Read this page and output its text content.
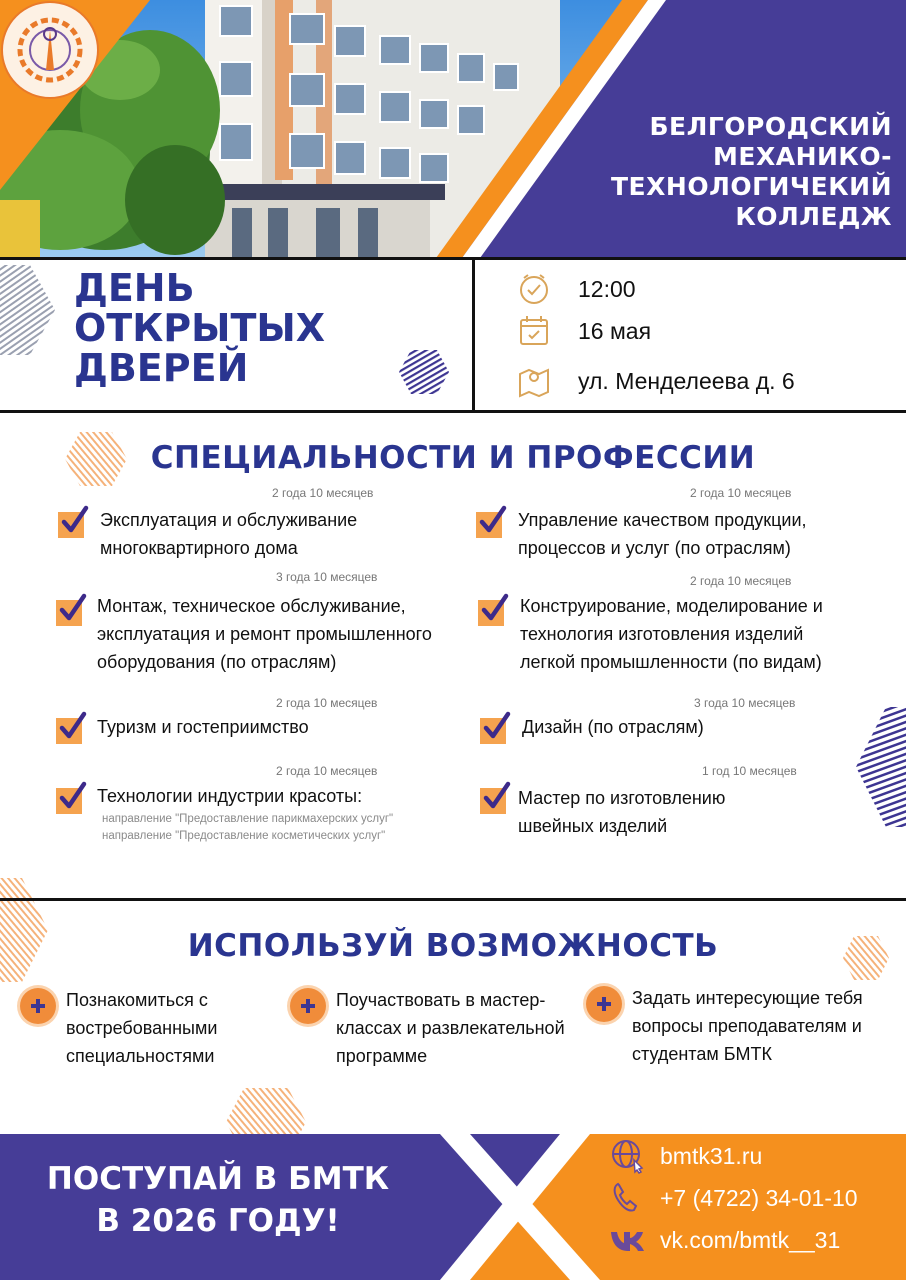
БЕЛГОРОДСКИЙ
МЕХАНИКО-
ТЕХНОЛОГИЧЕКИЙ
КОЛЛЕДЖ
ДЕНЬ
ОТКРЫТЫХ
ДВЕРЕЙ
12:00
16 мая
ул. Менделеева д. 6
СПЕЦИАЛЬНОСТИ И ПРОФЕССИИ
2 года 10 месяцев
Эксплуатация и обслуживание
многоквартирного дома
2 года 10 месяцев
Управление качеством продукции,
процессов и услуг (по отраслям)
3 года 10 месяцев
Монтаж, техническое обслуживание,
эксплуатация и ремонт промышленного
оборудования (по отраслям)
2 года 10 месяцев
Конструирование, моделирование и
технология изготовления изделий
легкой промышленности (по видам)
2 года 10 месяцев
Туризм и гостеприимство
3 года 10 месяцев
Дизайн (по отраслям)
2 года 10 месяцев
Технологии индустрии красоты:
направление "Предоставление парикмахерских услуг"
направление "Предоставление косметических услуг"
1 год 10 месяцев
Мастер по изготовлению
швейных изделий
ИСПОЛЬЗУЙ ВОЗМОЖНОСТЬ
Познакомиться с
востребованными
специальностями
Поучаствовать в мастер-
классах и развлекательной
программе
Задать интересующие тебя
вопросы преподавателям и
студентам БМТК
ПОСТУПАЙ В БМТК
В 2026 ГОДУ!
bmtk31.ru
+7 (4722) 34-01-10
vk.com/bmtk__31
